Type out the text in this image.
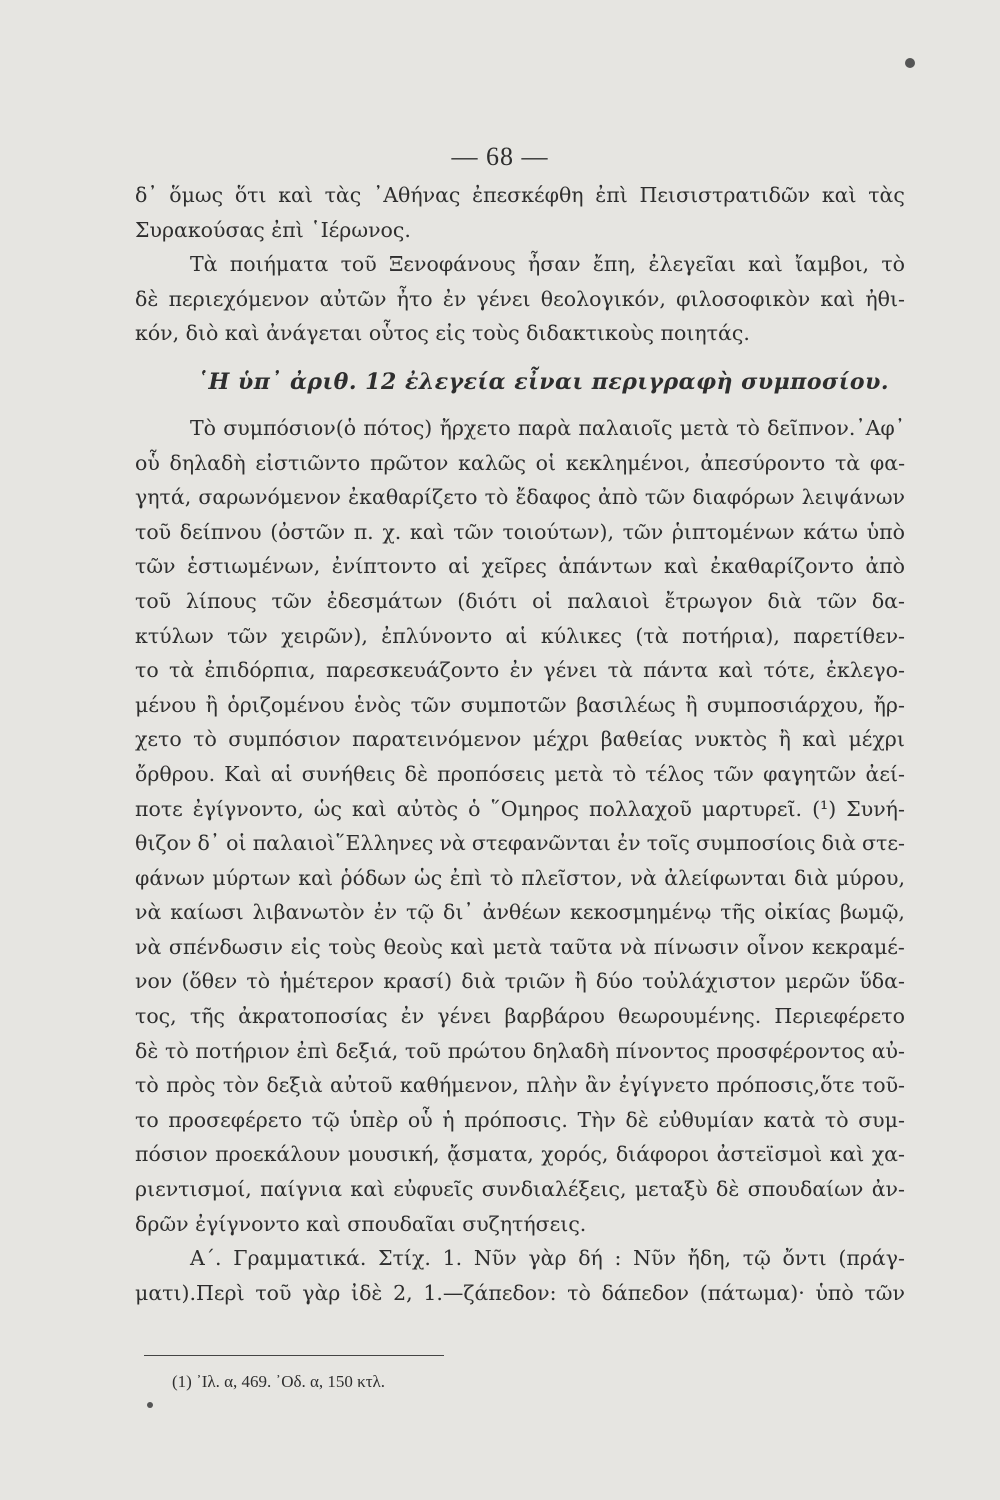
— 68 —
δ᾽ ὅμως ὅτι καὶ τὰς ᾽Αθήνας ἐπεσκέφθη ἐπὶ Πεισιστρατιδῶν καὶ τὰς
Συρακούσας ἐπὶ ῾Ιέρωνος.
Τὰ ποιήματα τοῦ Ξενοφάνους ἦσαν ἔπη, ἐλεγεῖαι καὶ ἴαμβοι, τὸ
δὲ περιεχόμενον αὐτῶν ἦτο ἐν γένει θεολογικόν, φιλοσοφικὸν καὶ ἠθι-
κόν, διὸ καὶ ἀνάγεται οὗτος εἰς τοὺς διδακτικοὺς ποιητάς.
῾Η ὑπ᾽ ἀριθ. 12 ἐλεγεία εἶναι περιγραφὴ συμποσίου.
Τὸ συμπόσιον(ὁ πότος) ἤρχετο παρὰ παλαιοῖς μετὰ τὸ δεῖπνον.᾽Αφ᾽
οὗ δηλαδὴ εἰστιῶντο πρῶτον καλῶς οἱ κεκλημένοι, ἀπεσύροντο τὰ φα-
γητά, σαρωνόμενον ἐκαθαρίζετο τὸ ἔδαφος ἀπὸ τῶν διαφόρων λειψάνων
τοῦ δείπνου (ὀστῶν π. χ. καὶ τῶν τοιούτων), τῶν ῥιπτομένων κάτω ὑπὸ
τῶν ἑστιωμένων, ἐνίπτοντο αἱ χεῖρες ἁπάντων καὶ ἐκαθαρίζοντο ἀπὸ
τοῦ λίπους τῶν ἐδεσμάτων (διότι οἱ παλαιοὶ ἔτρωγον διὰ τῶν δα-
κτύλων τῶν χειρῶν), ἐπλύνοντο αἱ κύλικες (τὰ ποτήρια), παρετίθεν-
το τὰ ἐπιδόρπια, παρεσκευάζοντο ἐν γένει τὰ πάντα καὶ τότε, ἐκλεγο-
μένου ἢ ὁριζομένου ἑνὸς τῶν συμποτῶν βασιλέως ἢ συμποσιάρχου, ἤρ-
χετο τὸ συμπόσιον παρατεινόμενον μέχρι βαθείας νυκτὸς ἢ καὶ μέχρι
ὄρθρου. Καὶ αἱ συνήθεις δὲ προπόσεις μετὰ τὸ τέλος τῶν φαγητῶν ἀεί-
ποτε ἐγίγνοντο, ὡς καὶ αὐτὸς ὁ ῞Ομηρος πολλαχοῦ μαρτυρεῖ. (¹) Συνή-
θιζον δ᾽ οἱ παλαιοὶ῞Ελληνες νὰ στεφανῶνται ἐν τοῖς συμποσίοις διὰ στε-
φάνων μύρτων καὶ ῥόδων ὡς ἐπὶ τὸ πλεῖστον, νὰ ἀλείφωνται διὰ μύρου,
νὰ καίωσι λιβανωτὸν ἐν τῷ δι᾽ ἀνθέων κεκοσμημένῳ τῆς οἰκίας βωμῷ,
νὰ σπένδωσιν εἰς τοὺς θεοὺς καὶ μετὰ ταῦτα νὰ πίνωσιν οἶνον κεκραμέ-
νον (ὅθεν τὸ ἡμέτερον κρασί) διὰ τριῶν ἢ δύο τοὐλάχιστον μερῶν ὕδα-
τος, τῆς ἀκρατοποσίας ἐν γένει βαρβάρου θεωρουμένης. Περιεφέρετο
δὲ τὸ ποτήριον ἐπὶ δεξιά, τοῦ πρώτου δηλαδὴ πίνοντος προσφέροντος αὐ-
τὸ πρὸς τὸν δεξιὰ αὐτοῦ καθήμενον, πλὴν ἂν ἐγίγνετο πρόποσις,ὅτε τοῦ-
το προσεφέρετο τῷ ὑπὲρ οὗ ἡ πρόποσις. Τὴν δὲ εὐθυμίαν κατὰ τὸ συμ-
πόσιον προεκάλουν μουσική, ᾄσματα, χορός, διάφοροι ἀστεϊσμοὶ καὶ χα-
ριεντισμοί, παίγνια καὶ εὐφυεῖς συνδιαλέξεις, μεταξὺ δὲ σπουδαίων ἀν-
δρῶν ἐγίγνοντο καὶ σπουδαῖαι συζητήσεις.
Α΄. Γραμματικά. Στίχ. 1. Νῦν γὰρ δή : Νῦν ἤδη, τῷ ὄντι (πράγ-
ματι).Περὶ τοῦ γὰρ ἰδὲ 2, 1.—ζάπεδον: τὸ δάπεδον (πάτωμα)· ὑπὸ τῶν
(1) ᾽Ιλ. α, 469. ᾽Οδ. α, 150 κτλ.
